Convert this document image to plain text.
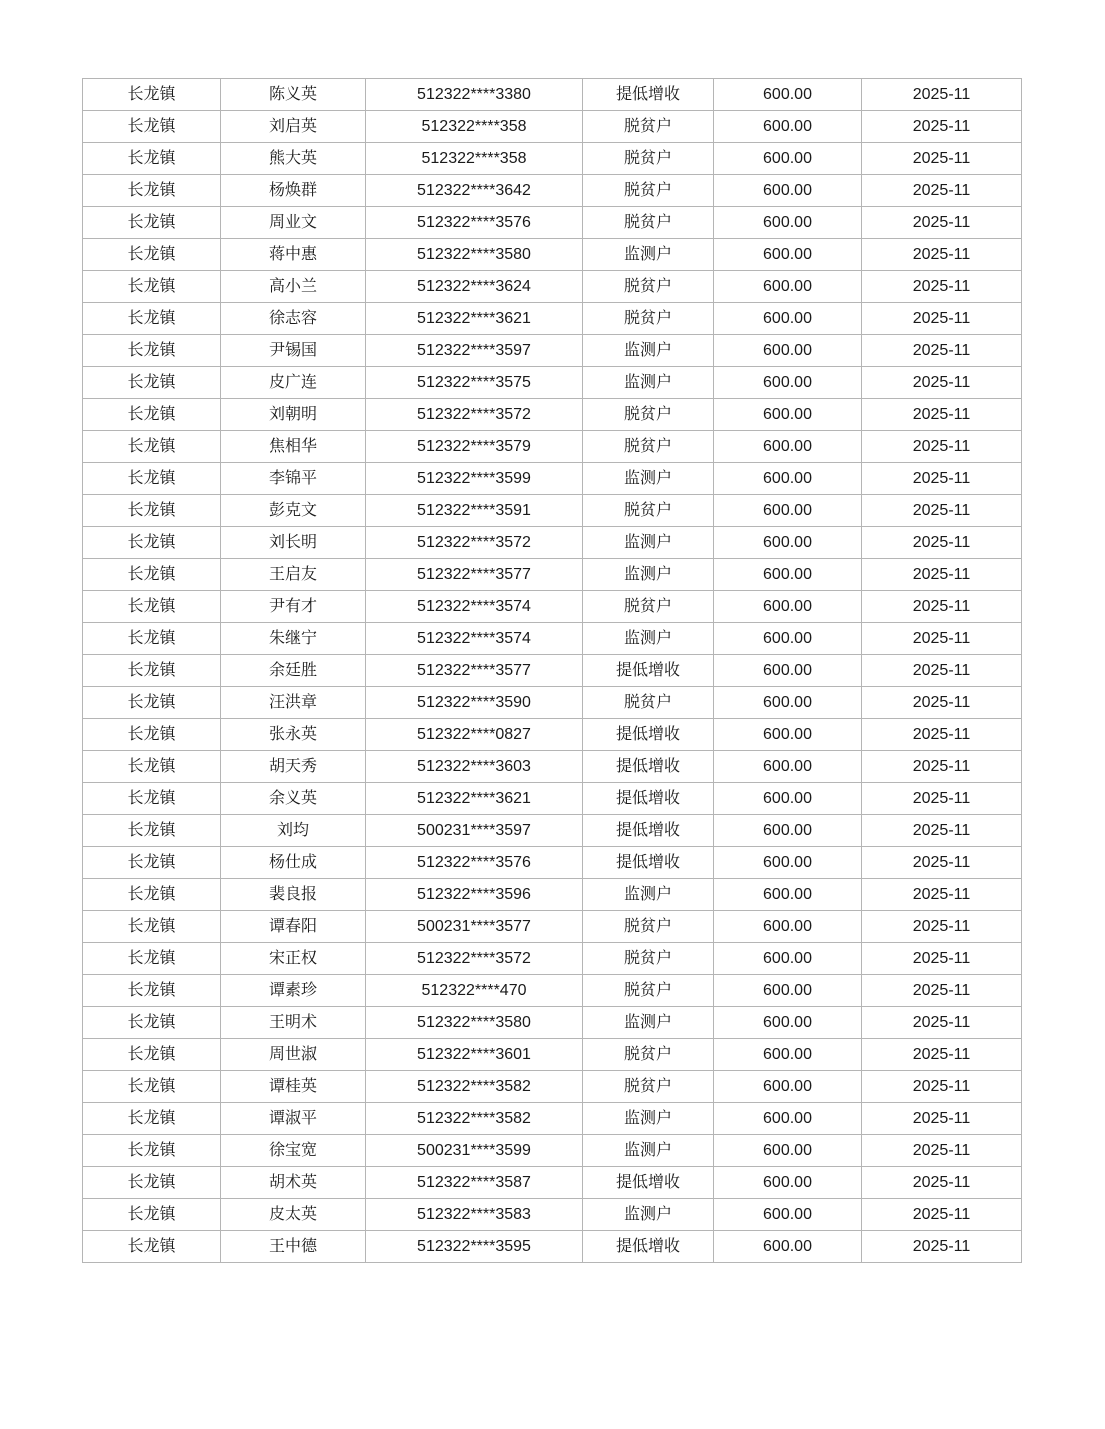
长龙镇	陈义英	512322****3380	提低增收	600.00	2025-11
长龙镇	刘启英	512322****358	脱贫户	600.00	2025-11
长龙镇	熊大英	512322****358	脱贫户	600.00	2025-11
长龙镇	杨焕群	512322****3642	脱贫户	600.00	2025-11
长龙镇	周业文	512322****3576	脱贫户	600.00	2025-11
长龙镇	蒋中惠	512322****3580	监测户	600.00	2025-11
长龙镇	高小兰	512322****3624	脱贫户	600.00	2025-11
长龙镇	徐志容	512322****3621	脱贫户	600.00	2025-11
长龙镇	尹锡国	512322****3597	监测户	600.00	2025-11
长龙镇	皮广连	512322****3575	监测户	600.00	2025-11
长龙镇	刘朝明	512322****3572	脱贫户	600.00	2025-11
长龙镇	焦相华	512322****3579	脱贫户	600.00	2025-11
长龙镇	李锦平	512322****3599	监测户	600.00	2025-11
长龙镇	彭克文	512322****3591	脱贫户	600.00	2025-11
长龙镇	刘长明	512322****3572	监测户	600.00	2025-11
长龙镇	王启友	512322****3577	监测户	600.00	2025-11
长龙镇	尹有才	512322****3574	脱贫户	600.00	2025-11
长龙镇	朱继宁	512322****3574	监测户	600.00	2025-11
长龙镇	余廷胜	512322****3577	提低增收	600.00	2025-11
长龙镇	汪洪章	512322****3590	脱贫户	600.00	2025-11
长龙镇	张永英	512322****0827	提低增收	600.00	2025-11
长龙镇	胡天秀	512322****3603	提低增收	600.00	2025-11
长龙镇	余义英	512322****3621	提低增收	600.00	2025-11
长龙镇	刘均	500231****3597	提低增收	600.00	2025-11
长龙镇	杨仕成	512322****3576	提低增收	600.00	2025-11
长龙镇	裴良报	512322****3596	监测户	600.00	2025-11
长龙镇	谭春阳	500231****3577	脱贫户	600.00	2025-11
长龙镇	宋正权	512322****3572	脱贫户	600.00	2025-11
长龙镇	谭素珍	512322****470	脱贫户	600.00	2025-11
长龙镇	王明术	512322****3580	监测户	600.00	2025-11
长龙镇	周世淑	512322****3601	脱贫户	600.00	2025-11
长龙镇	谭桂英	512322****3582	脱贫户	600.00	2025-11
长龙镇	谭淑平	512322****3582	监测户	600.00	2025-11
长龙镇	徐宝宽	500231****3599	监测户	600.00	2025-11
长龙镇	胡术英	512322****3587	提低增收	600.00	2025-11
长龙镇	皮太英	512322****3583	监测户	600.00	2025-11
长龙镇	王中德	512322****3595	提低增收	600.00	2025-11
